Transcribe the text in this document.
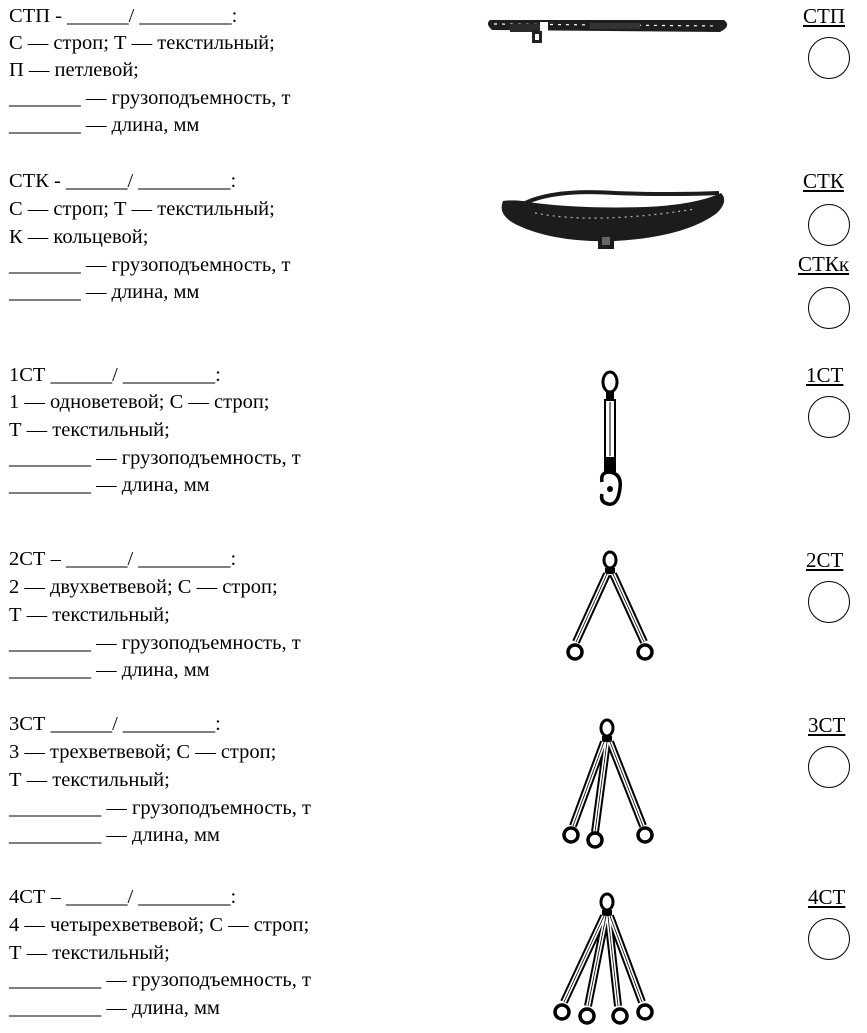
СТП - ______/ _________:
С — строп; Т — текстильный;
П — петлевой;
_______ — грузоподъемность, т
_______ — длина, мм
СТП
СТК - ______/ _________:
С — строп; Т — текстильный;
К — кольцевой;
_______ — грузоподъемность, т
_______ — длина, мм
СТК
СТКк
1СТ ______/ _________:
1 — одноветевой; С — строп;
Т — текстильный;
________ — грузоподъемность, т
________ — длина, мм
1СТ
2СТ – ______/ _________:
2 — двухветвевой; С — строп;
Т — текстильный;
________ — грузоподъемность, т
________ — длина, мм
2СТ
3СТ ______/ _________:
3 — трехветвевой; С — строп;
Т — текстильный;
_________ — грузоподъемность, т
_________ — длина, мм
3СТ
4СТ – ______/ _________:
4 — четырехветвевой; С — строп;
Т — текстильный;
_________ — грузоподъемность, т
_________ — длина, мм
4СТ
